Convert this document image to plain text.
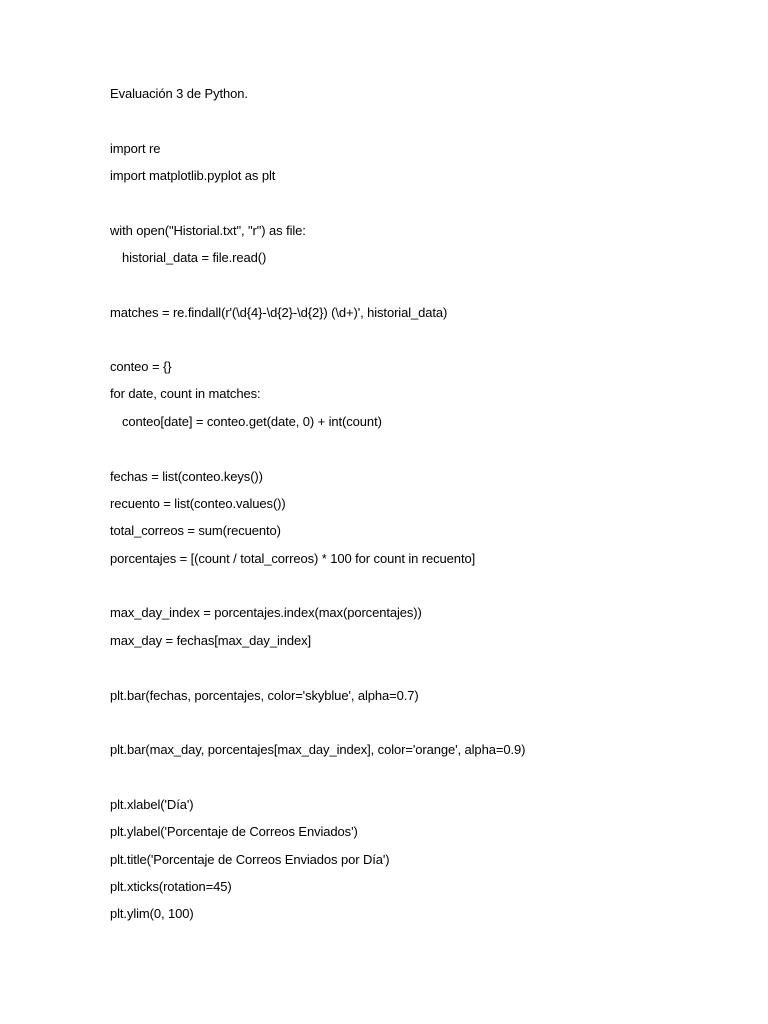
Evaluación 3 de Python.
import re
import matplotlib.pyplot as plt
with open("Historial.txt", "r") as file:
historial_data = file.read()
matches = re.findall(r'(\d{4}-\d{2}-\d{2}) (\d+)', historial_data)
conteo = {}
for date, count in matches:
conteo[date] = conteo.get(date, 0) + int(count)
fechas = list(conteo.keys())
recuento = list(conteo.values())
total_correos = sum(recuento)
porcentajes = [(count / total_correos) * 100 for count in recuento]
max_day_index = porcentajes.index(max(porcentajes))
max_day = fechas[max_day_index]
plt.bar(fechas, porcentajes, color='skyblue', alpha=0.7)
plt.bar(max_day, porcentajes[max_day_index], color='orange', alpha=0.9)
plt.xlabel('Día')
plt.ylabel('Porcentaje de Correos Enviados')
plt.title('Porcentaje de Correos Enviados por Día')
plt.xticks(rotation=45)
plt.ylim(0, 100)
